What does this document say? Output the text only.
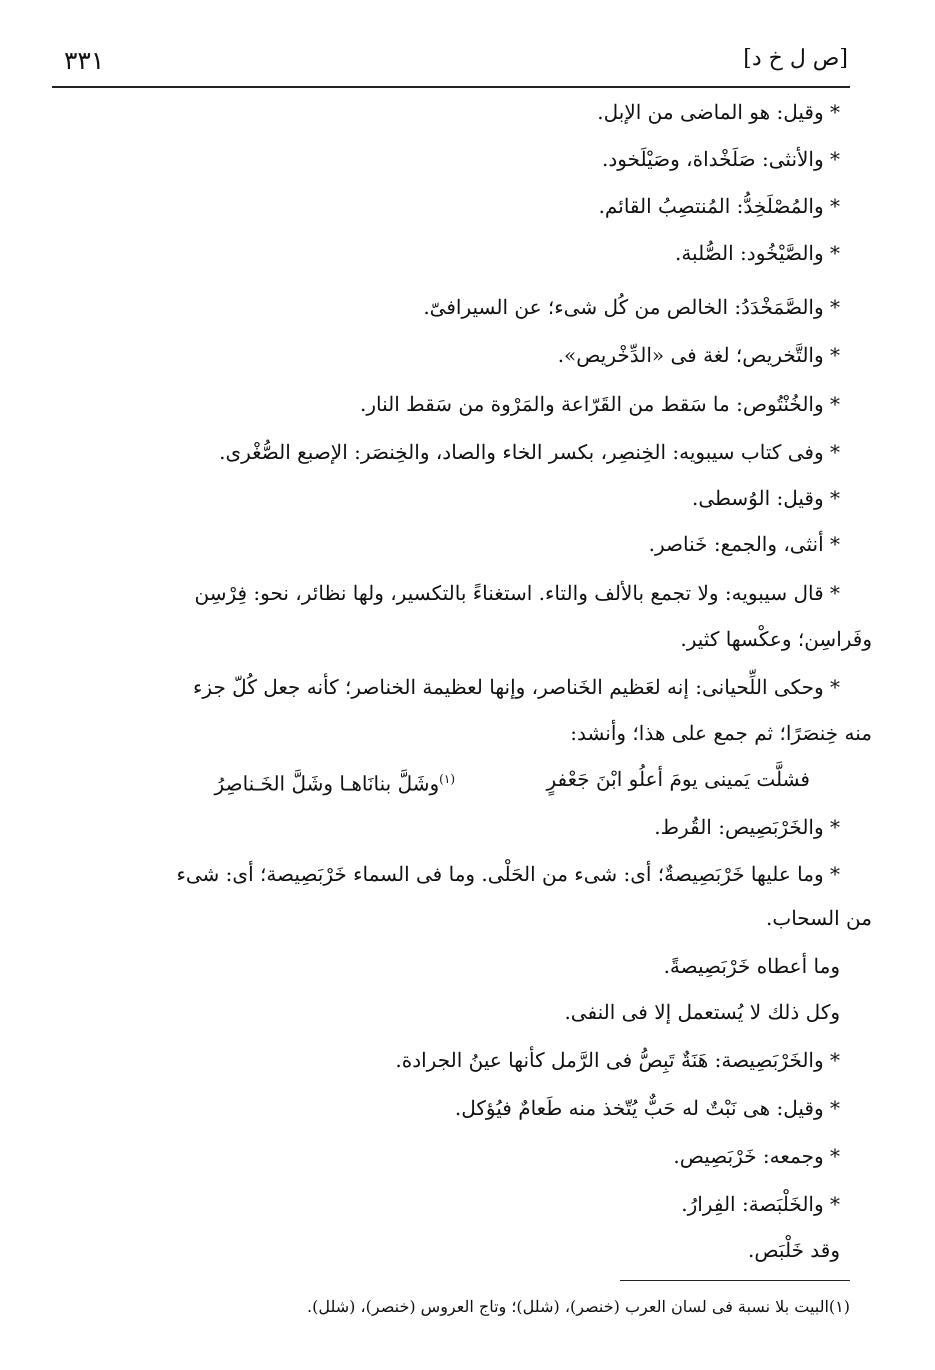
٣٣١	[ص ل خ د]
* وقيل: هو الماضى من الإبل.
* والأنثى: صَلَخْداة، وصَيْلَخود.
* والمُصْلَخِدُّ: المُنتصِبُ القائم.
* والصَّيْخُود: الصُّلبة.
* والصَّمَخْدَدُ: الخالص من كُل شىء؛ عن السيرافىّ.
* والتَّخريص؛ لغة فى «الدِّخْريص».
* والخُنْتُوص: ما سَقط من القَرّاعة والمَرْوة من سَقط النار.
* وفى كتاب سيبويه: الخِنصِر، بكسر الخاء والصاد، والخِنصَر: الإصبع الصُّغْرى.
* وقيل: الوُسطى.
* أنثى، والجمع: خَناصر.
* قال سيبويه: ولا تجمع بالألف والتاء. استغناءً بالتكسير، ولها نظائر، نحو: فِرْسِن
وفَراسِن؛ وعكْسها كثير.
* وحكى اللِّحيانى: إنه لعَظيم الخَناصر، وإنها لعظيمة الخناصر؛ كأنه جعل كُلّ جزء
منه خِنصَرًا؛ ثم جمع على هذا؛ وأنشد:
فشلَّت يَمينى يومَ أعلُو ابْنَ جَعْفرٍ
$^{(١)}$وشَلَّ بنانَاهـا وشَلَّ الخَـناصِرُ
* والخَرْبَصِيص: القُرط.
* وما عليها خَرْبَصِيصةٌ؛ أى: شىء من الحَلْى. وما فى السماء خَرْبَصِيصة؛ أى: شىء
من السحاب.
وما أعطاه خَرْبَصِيصةً.
وكل ذلك لا يُستعمل إلا فى النفى.
* والخَرْبَصِيصة: هَنَةٌ تَبِصُّ فى الرَّمل كأنها عينُ الجرادة.
* وقيل: هى نَبْتٌ له حَبٌّ يُتّخذ منه طَعامٌ فيُؤكل.
* وجمعه: خَرْبَصِيص.
* والخَلْبَصة: الفِرارُ.
وقد خَلْبَص.
(١)البيت بلا نسبة فى لسان العرب (خنصر)، (شلل)؛ وتاج العروس (خنصر)، (شلل).
